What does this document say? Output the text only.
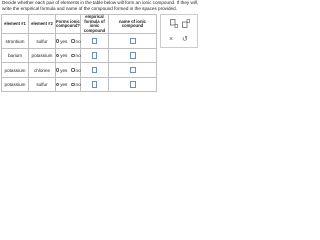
Decide whether each pair of elements in the table below will form an ionic compound. If they will, write the empirical formula and name of the compound formed in the spaces provided.

element #1	element #2	Forms ionic compound?	empirical formula of ionic compound	name of ionic compound
strontium	sulfur	yes no		

barium	potassium	yes no		

potassium	chlorine	yes no		

potassium	sulfur	yes no		

× ↺
